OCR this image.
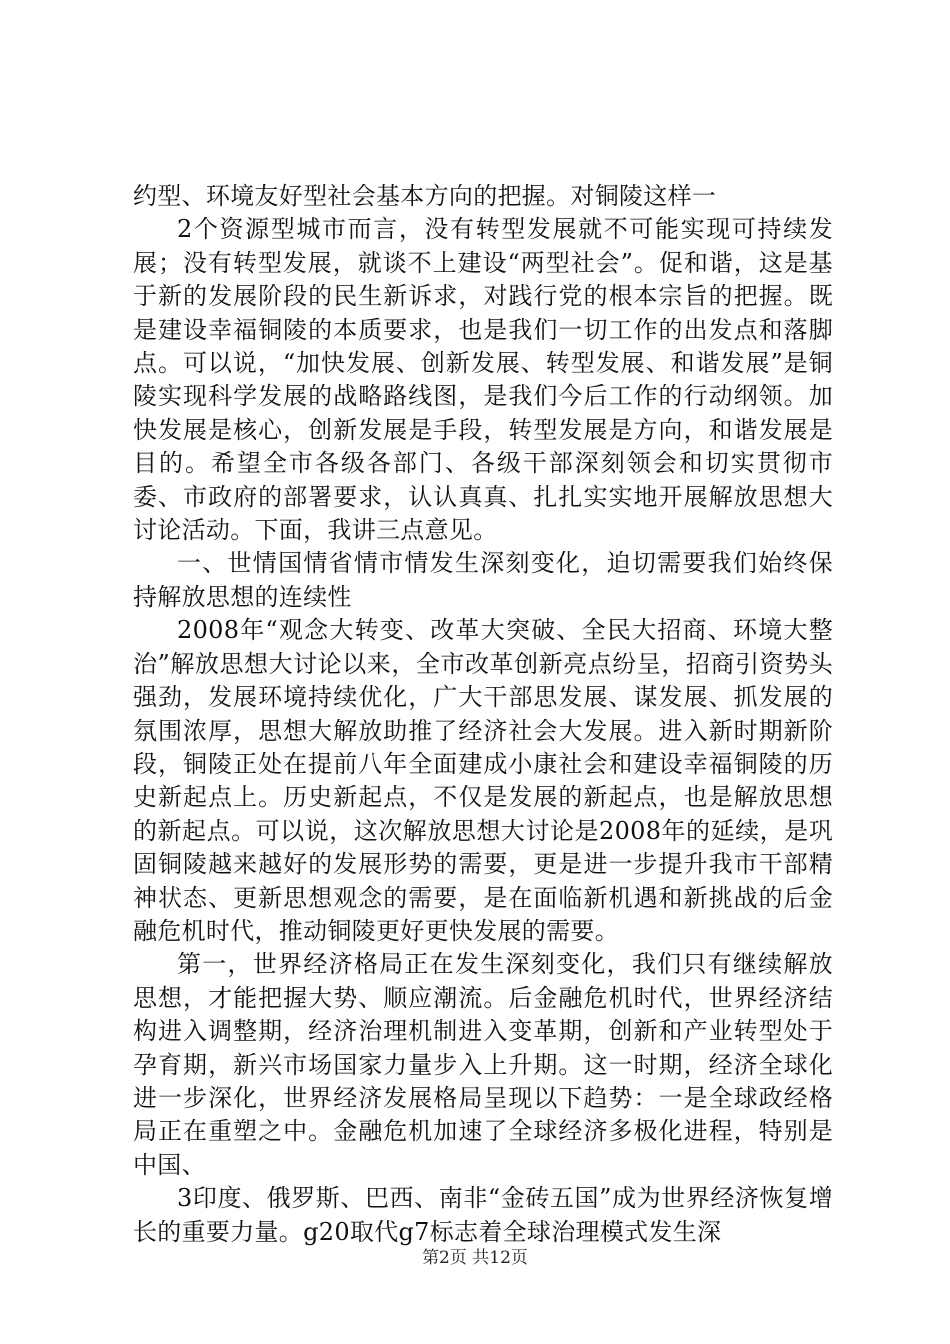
约型、环境友好型社会基本方向的把握。对铜陵这样一

2个资源型城市而言，没有转型发展就不可能实现可持续发展；没有转型发展，就谈不上建设“两型社会”。促和谐，这是基于新的发展阶段的民生新诉求，对践行党的根本宗旨的把握。既是建设幸福铜陵的本质要求，也是我们一切工作的出发点和落脚点。可以说，“加快发展、创新发展、转型发展、和谐发展”是铜陵实现科学发展的战略路线图，是我们今后工作的行动纲领。加快发展是核心，创新发展是手段，转型发展是方向，和谐发展是目的。希望全市各级各部门、各级干部深刻领会和切实贯彻市委、市政府的部署要求，认认真真、扎扎实实地开展解放思想大讨论活动。下面，我讲三点意见。

一、世情国情省情市情发生深刻变化，迫切需要我们始终保持解放思想的连续性

2008年“观念大转变、改革大突破、全民大招商、环境大整治”解放思想大讨论以来，全市改革创新亮点纷呈，招商引资势头强劲，发展环境持续优化，广大干部思发展、谋发展、抓发展的氛围浓厚，思想大解放助推了经济社会大发展。进入新时期新阶段，铜陵正处在提前八年全面建成小康社会和建设幸福铜陵的历史新起点上。历史新起点，不仅是发展的新起点，也是解放思想的新起点。可以说，这次解放思想大讨论是2008年的延续，是巩固铜陵越来越好的发展形势的需要，更是进一步提升我市干部精神状态、更新思想观念的需要，是在面临新机遇和新挑战的后金融危机时代，推动铜陵更好更快发展的需要。

第一，世界经济格局正在发生深刻变化，我们只有继续解放思想，才能把握大势、顺应潮流。后金融危机时代，世界经济结构进入调整期，经济治理机制进入变革期，创新和产业转型处于孕育期，新兴市场国家力量步入上升期。这一时期，经济全球化进一步深化，世界经济发展格局呈现以下趋势：一是全球政经格局正在重塑之中。金融危机加速了全球经济多极化进程，特别是中国、

3印度、俄罗斯、巴西、南非“金砖五国”成为世界经济恢复增长的重要力量。g20取代g7标志着全球治理模式发生深

第2页 共12页
